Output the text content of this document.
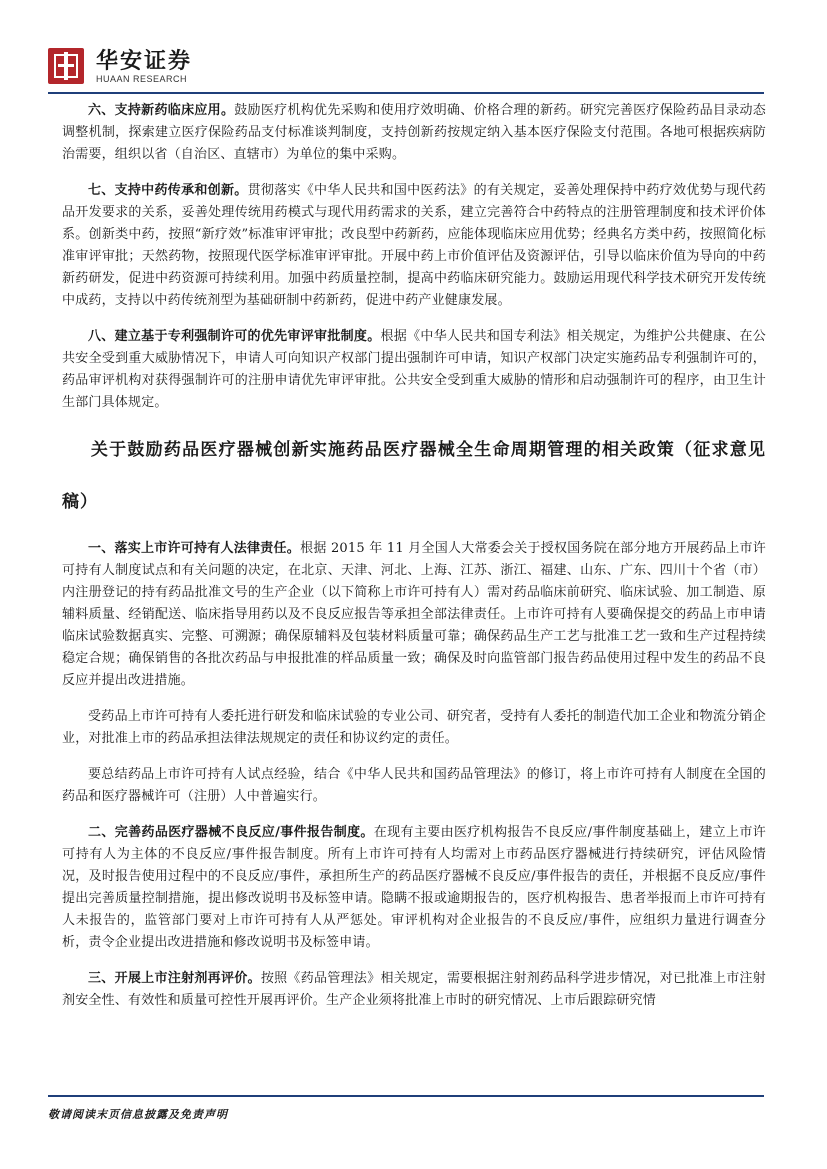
华安证券
HUAAN RESEARCH

六、支持新药临床应用。鼓励医疗机构优先采购和使用疗效明确、价格合理的新药。研究完善医疗保险药品目录动态调整机制，探索建立医疗保险药品支付标准谈判制度，支持创新药按规定纳入基本医疗保险支付范围。各地可根据疾病防治需要，组织以省（自治区、直辖市）为单位的集中采购。

七、支持中药传承和创新。贯彻落实《中华人民共和国中医药法》的有关规定，妥善处理保持中药疗效优势与现代药品开发要求的关系，妥善处理传统用药模式与现代用药需求的关系，建立完善符合中药特点的注册管理制度和技术评价体系。创新类中药，按照“新疗效”标准审评审批；改良型中药新药，应能体现临床应用优势；经典名方类中药，按照简化标准审评审批；天然药物，按照现代医学标准审评审批。开展中药上市价值评估及资源评估，引导以临床价值为导向的中药新药研发，促进中药资源可持续利用。加强中药质量控制，提高中药临床研究能力。鼓励运用现代科学技术研究开发传统中成药，支持以中药传统剂型为基础研制中药新药，促进中药产业健康发展。

八、建立基于专利强制许可的优先审评审批制度。根据《中华人民共和国专利法》相关规定，为维护公共健康、在公共安全受到重大威胁情况下，申请人可向知识产权部门提出强制许可申请，知识产权部门决定实施药品专利强制许可的，药品审评机构对获得强制许可的注册申请优先审评审批。公共安全受到重大威胁的情形和启动强制许可的程序，由卫生计生部门具体规定。

关于鼓励药品医疗器械创新实施药品医疗器械全生命周期管理的相关政策（征求意见稿）

一、落实上市许可持有人法律责任。根据 2015 年 11 月全国人大常委会关于授权国务院在部分地方开展药品上市许可持有人制度试点和有关问题的决定，在北京、天津、河北、上海、江苏、浙江、福建、山东、广东、四川十个省（市）内注册登记的持有药品批准文号的生产企业（以下简称上市许可持有人）需对药品临床前研究、临床试验、加工制造、原辅料质量、经销配送、临床指导用药以及不良反应报告等承担全部法律责任。上市许可持有人要确保提交的药品上市申请临床试验数据真实、完整、可溯源；确保原辅料及包装材料质量可靠；确保药品生产工艺与批准工艺一致和生产过程持续稳定合规；确保销售的各批次药品与申报批准的样品质量一致；确保及时向监管部门报告药品使用过程中发生的药品不良反应并提出改进措施。

受药品上市许可持有人委托进行研发和临床试验的专业公司、研究者，受持有人委托的制造代加工企业和物流分销企业，对批准上市的药品承担法律法规规定的责任和协议约定的责任。

要总结药品上市许可持有人试点经验，结合《中华人民共和国药品管理法》的修订，将上市许可持有人制度在全国的药品和医疗器械许可（注册）人中普遍实行。

二、完善药品医疗器械不良反应/事件报告制度。在现有主要由医疗机构报告不良反应/事件制度基础上，建立上市许可持有人为主体的不良反应/事件报告制度。所有上市许可持有人均需对上市药品医疗器械进行持续研究，评估风险情况，及时报告使用过程中的不良反应/事件，承担所生产的药品医疗器械不良反应/事件报告的责任，并根据不良反应/事件提出完善质量控制措施，提出修改说明书及标签申请。隐瞒不报或逾期报告的，医疗机构报告、患者举报而上市许可持有人未报告的，监管部门要对上市许可持有人从严惩处。审评机构对企业报告的不良反应/事件，应组织力量进行调查分析，责令企业提出改进措施和修改说明书及标签申请。

三、开展上市注射剂再评价。按照《药品管理法》相关规定，需要根据注射剂药品科学进步情况，对已批准上市注射剂安全性、有效性和质量可控性开展再评价。生产企业须将批准上市时的研究情况、上市后跟踪研究情

敬请阅读末页信息披露及免责声明
